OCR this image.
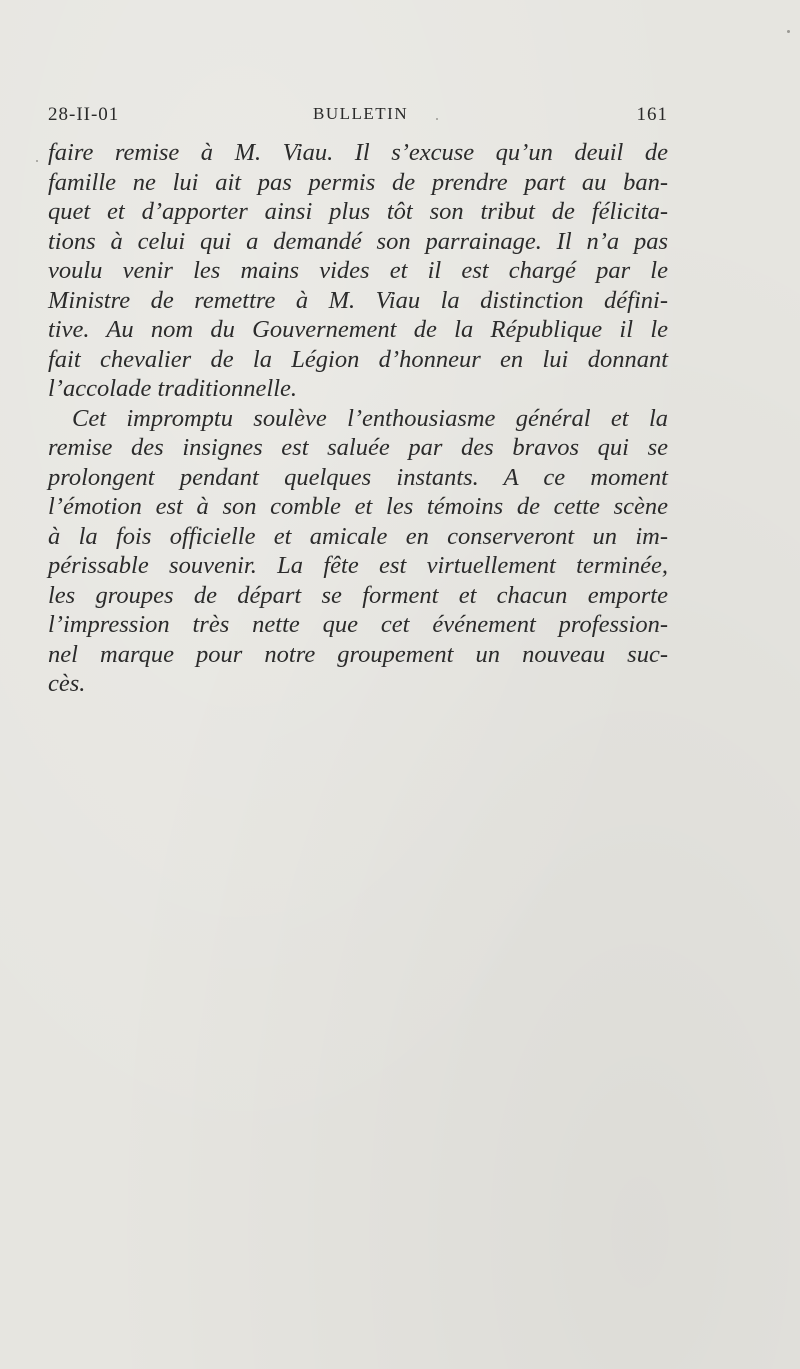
28-II-01	BULLETIN	161
faire remise à M. Viau. Il s’excuse qu’un deuil de
famille ne lui ait pas permis de prendre part au ban-
quet et d’apporter ainsi plus tôt son tribut de félicita-
tions à celui qui a demandé son parrainage. Il n’a pas
voulu venir les mains vides et il est chargé par le
Ministre de remettre à M. Viau la distinction défini-
tive. Au nom du Gouvernement de la République il le
fait chevalier de la Légion d’honneur en lui donnant
l’accolade traditionnelle.
Cet impromptu soulève l’enthousiasme général et la
remise des insignes est saluée par des bravos qui se
prolongent pendant quelques instants. A ce moment
l’émotion est à son comble et les témoins de cette scène
à la fois officielle et amicale en conserveront un im-
périssable souvenir. La fête est virtuellement terminée,
les groupes de départ se forment et chacun emporte
l’impression très nette que cet événement profession-
nel marque pour notre groupement un nouveau suc-
cès.
